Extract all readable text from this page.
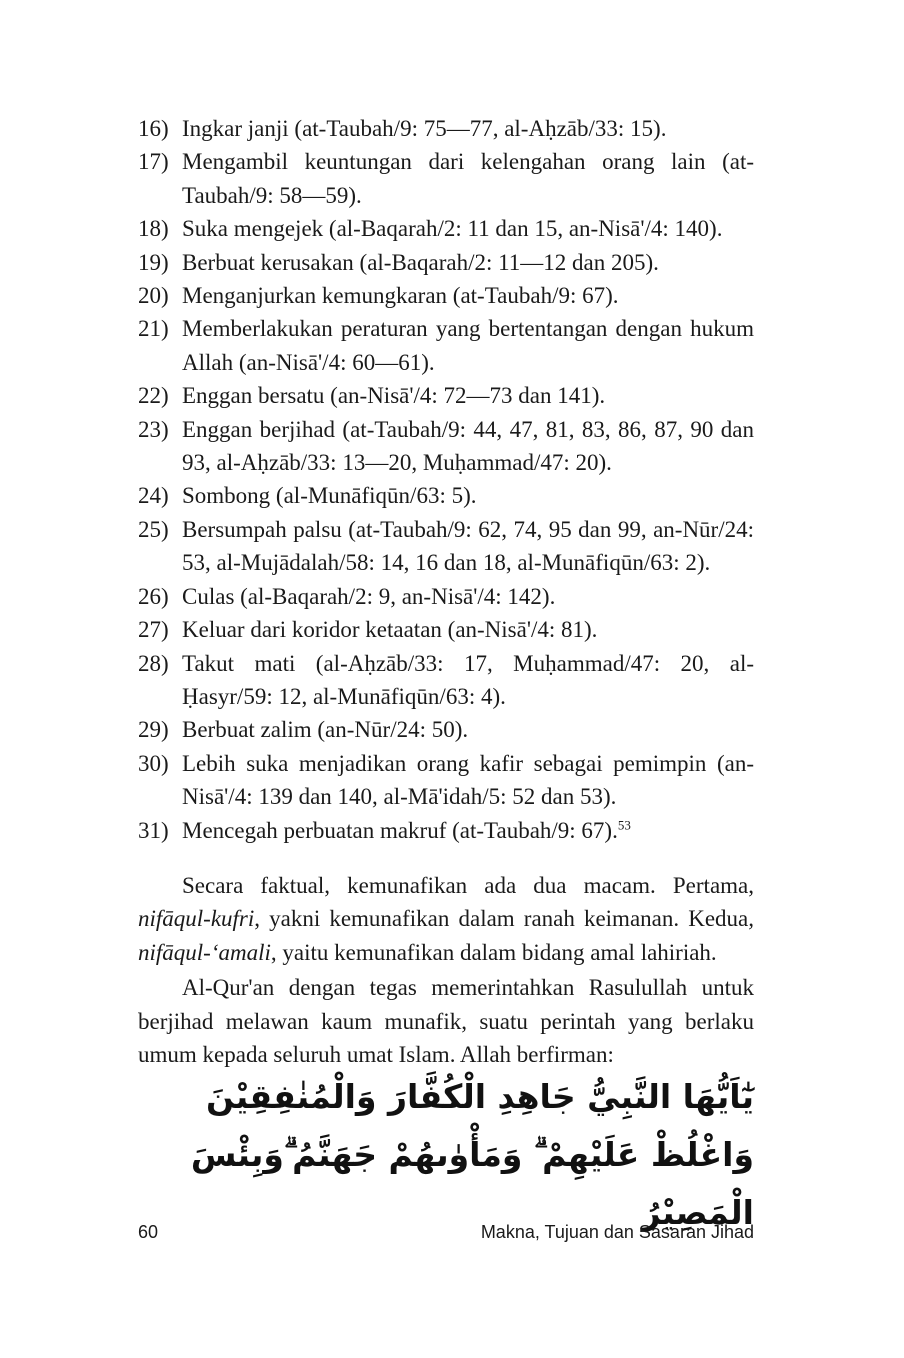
16) Ingkar janji (at-Taubah/9: 75—77, al-Aḥzāb/33: 15).
17) Mengambil keuntungan dari kelengahan orang lain (at-Taubah/9: 58—59).
18) Suka mengejek (al-Baqarah/2: 11 dan 15, an-Nisā'/4: 140).
19) Berbuat kerusakan (al-Baqarah/2: 11—12 dan 205).
20) Menganjurkan kemungkaran (at-Taubah/9: 67).
21) Memberlakukan peraturan yang bertentangan dengan hukum Allah (an-Nisā'/4: 60—61).
22) Enggan bersatu (an-Nisā'/4: 72—73 dan 141).
23) Enggan berjihad (at-Taubah/9: 44, 47, 81, 83, 86, 87, 90 dan 93, al-Aḥzāb/33: 13—20, Muḥammad/47: 20).
24) Sombong (al-Munāfiqūn/63: 5).
25) Bersumpah palsu (at-Taubah/9: 62, 74, 95 dan 99, an-Nūr/24: 53, al-Mujādalah/58: 14, 16 dan 18, al-Munāfiqūn/63: 2).
26) Culas (al-Baqarah/2: 9, an-Nisā'/4: 142).
27) Keluar dari koridor ketaatan (an-Nisā'/4: 81).
28) Takut mati (al-Aḥzāb/33: 17, Muḥammad/47: 20, al-Ḥasyr/59: 12, al-Munāfiqūn/63: 4).
29) Berbuat zalim (an-Nūr/24: 50).
30) Lebih suka menjadikan orang kafir sebagai pemimpin (an-Nisā'/4: 139 dan 140, al-Mā'idah/5: 52 dan 53).
31) Mencegah perbuatan makruf (at-Taubah/9: 67).$^{53}$

Secara faktual, kemunafikan ada dua macam. Pertama, nifāqul-kufri, yakni kemunafikan dalam ranah keimanan. Kedua, nifāqul-‘amali, yaitu kemunafikan dalam bidang amal lahiriah.

Al-Qur'an dengan tegas memerintahkan Rasulullah untuk berjihad melawan kaum munafik, suatu perintah yang berlaku umum kepada seluruh umat Islam. Allah berfirman:

يٰٓاَيُّهَا النَّبِيُّ جَاهِدِ الْكُفَّارَ وَالْمُنٰفِقِيْنَ وَاغْلُظْ عَلَيْهِمْ ۗ وَمَأْوٰىهُمْ جَهَنَّمُ ۗوَبِئْسَ الْمَصِيْرُ
60	Makna, Tujuan dan Sasaran Jihad
